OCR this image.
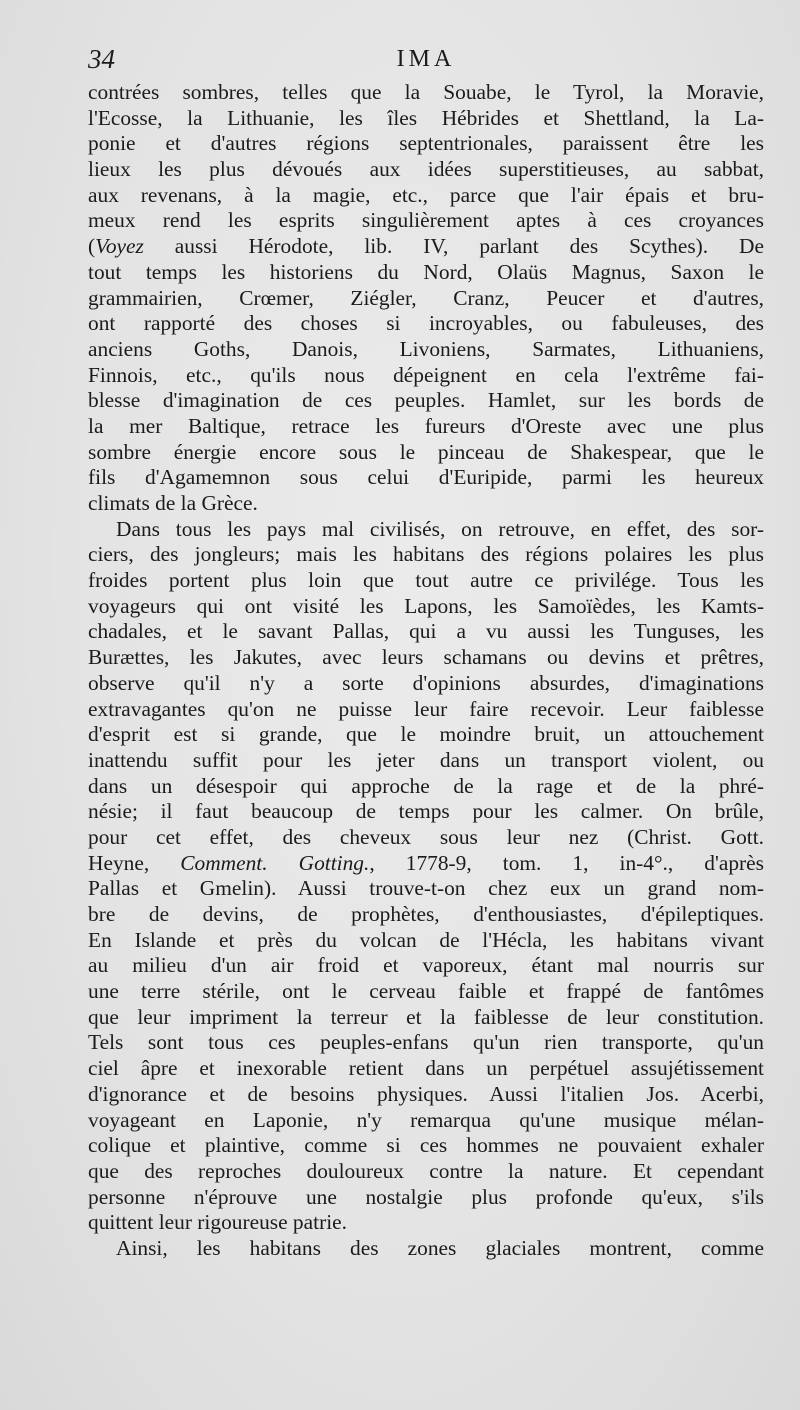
34	IMA
contrées sombres, telles que la Souabe, le Tyrol, la Moravie,
l'Ecosse, la Lithuanie, les îles Hébrides et Shettland, la La-
ponie et d'autres régions septentrionales, paraissent être les
lieux les plus dévoués aux idées superstitieuses, au sabbat,
aux revenans, à la magie, etc., parce que l'air épais et bru-
meux rend les esprits singulièrement aptes à ces croyances
(Voyez aussi Hérodote, lib. IV, parlant des Scythes). De
tout temps les historiens du Nord, Olaüs Magnus, Saxon le
grammairien, Crœmer, Ziégler, Cranz, Peucer et d'autres,
ont rapporté des choses si incroyables, ou fabuleuses, des
anciens Goths, Danois, Livoniens, Sarmates, Lithuaniens,
Finnois, etc., qu'ils nous dépeignent en cela l'extrême fai-
blesse d'imagination de ces peuples. Hamlet, sur les bords de
la mer Baltique, retrace les fureurs d'Oreste avec une plus
sombre énergie encore sous le pinceau de Shakespear, que le
fils d'Agamemnon sous celui d'Euripide, parmi les heureux
climats de la Grèce.
Dans tous les pays mal civilisés, on retrouve, en effet, des sor-
ciers, des jongleurs; mais les habitans des régions polaires les plus
froides portent plus loin que tout autre ce privilége. Tous les
voyageurs qui ont visité les Lapons, les Samoïèdes, les Kamts-
chadales, et le savant Pallas, qui a vu aussi les Tunguses, les
Burættes, les Jakutes, avec leurs schamans ou devins et prêtres,
observe qu'il n'y a sorte d'opinions absurdes, d'imaginations
extravagantes qu'on ne puisse leur faire recevoir. Leur faiblesse
d'esprit est si grande, que le moindre bruit, un attouchement
inattendu suffit pour les jeter dans un transport violent, ou
dans un désespoir qui approche de la rage et de la phré-
nésie; il faut beaucoup de temps pour les calmer. On brûle,
pour cet effet, des cheveux sous leur nez (Christ. Gott.
Heyne, Comment. Gotting., 1778-9, tom. 1, in-4°., d'après
Pallas et Gmelin). Aussi trouve-t-on chez eux un grand nom-
bre de devins, de prophètes, d'enthousiastes, d'épileptiques.
En Islande et près du volcan de l'Hécla, les habitans vivant
au milieu d'un air froid et vaporeux, étant mal nourris sur
une terre stérile, ont le cerveau faible et frappé de fantômes
que leur impriment la terreur et la faiblesse de leur constitution.
Tels sont tous ces peuples-enfans qu'un rien transporte, qu'un
ciel âpre et inexorable retient dans un perpétuel assujétissement
d'ignorance et de besoins physiques. Aussi l'italien Jos. Acerbi,
voyageant en Laponie, n'y remarqua qu'une musique mélan-
colique et plaintive, comme si ces hommes ne pouvaient exhaler
que des reproches douloureux contre la nature. Et cependant
personne n'éprouve une nostalgie plus profonde qu'eux, s'ils
quittent leur rigoureuse patrie.
Ainsi, les habitans des zones glaciales montrent, comme
